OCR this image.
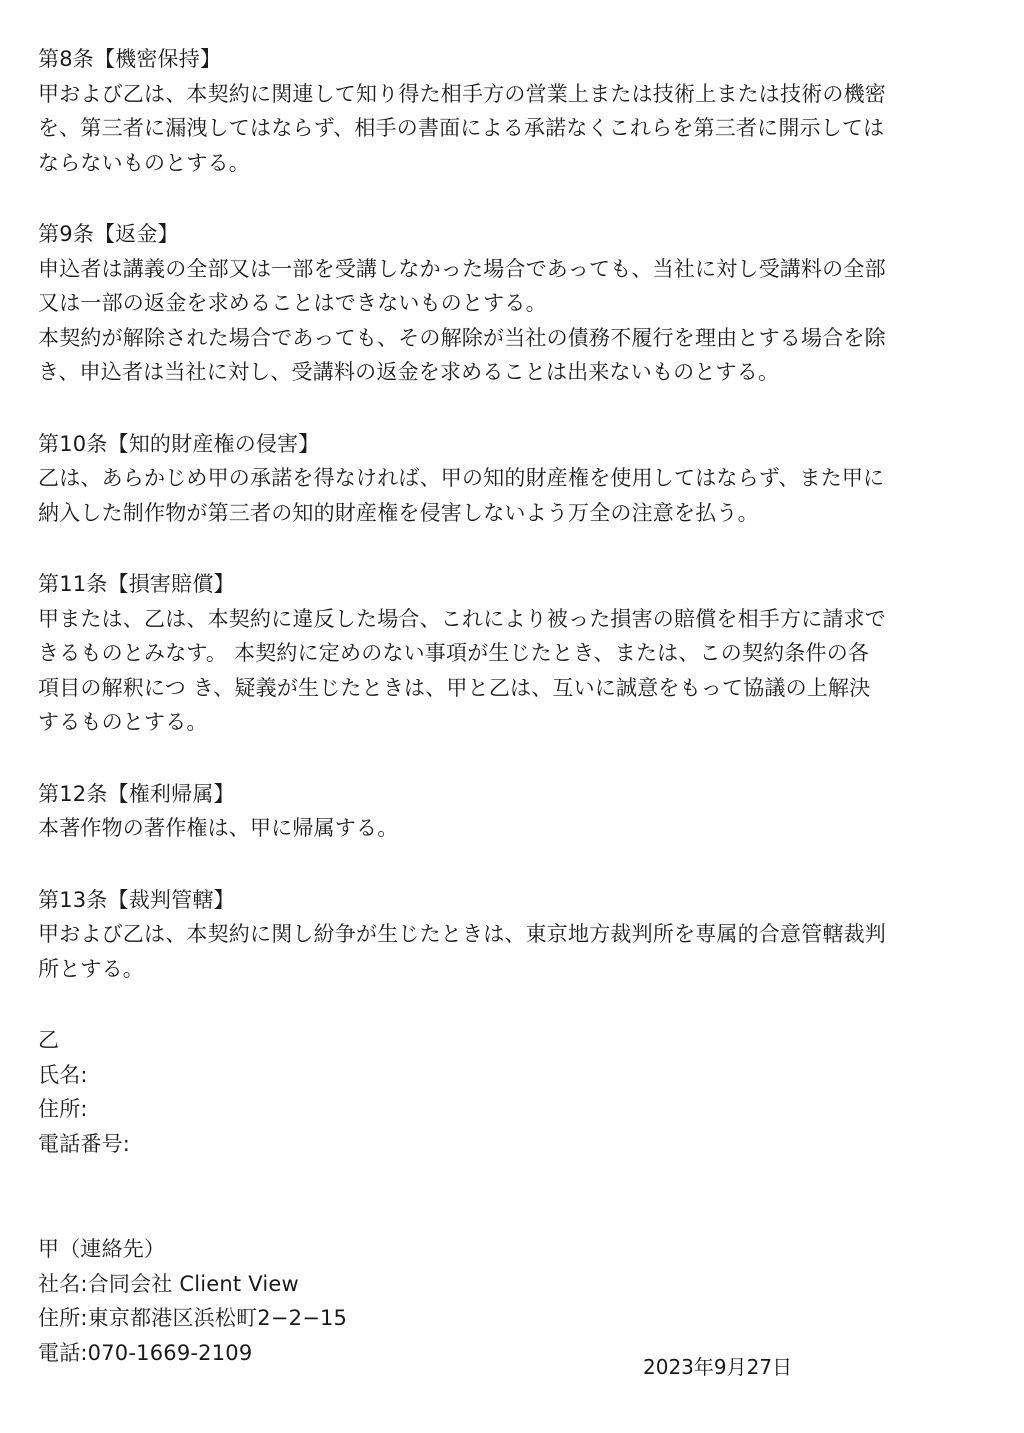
第8条【機密保持】

甲および乙は、本契約に関連して知り得た相手方の営業上または技術上または技術の機密

を、第三者に漏洩してはならず、相手の書面による承諾なくこれらを第三者に開示しては

ならないものとする。

第9条【返金】

申込者は講義の全部又は一部を受講しなかった場合であっても、当社に対し受講料の全部

又は一部の返金を求めることはできないものとする。

本契約が解除された場合であっても、その解除が当社の債務不履行を理由とする場合を除

き、申込者は当社に対し、受講料の返金を求めることは出来ないものとする。

第10条【知的財産権の侵害】

乙は、あらかじめ甲の承諾を得なければ、甲の知的財産権を使用してはならず、また甲に

納入した制作物が第三者の知的財産権を侵害しないよう万全の注意を払う。

第11条【損害賠償】

甲または、乙は、本契約に違反した場合、これにより被った損害の賠償を相手方に請求で

きるものとみなす。 本契約に定めのない事項が生じたとき、または、この契約条件の各

項目の解釈につ き、疑義が生じたときは、甲と乙は、互いに誠意をもって協議の上解決

するものとする。

第12条【権利帰属】

本著作物の著作権は、甲に帰属する。

第13条【裁判管轄】

甲および乙は、本契約に関し紛争が生じたときは、東京地方裁判所を専属的合意管轄裁判

所とする。

乙

氏名:

住所:

電話番号:

甲（連絡先）

社名:合同会社 Client View

住所:東京都港区浜松町2−2−15

電話:070-1669-2109

2023年9月27日
